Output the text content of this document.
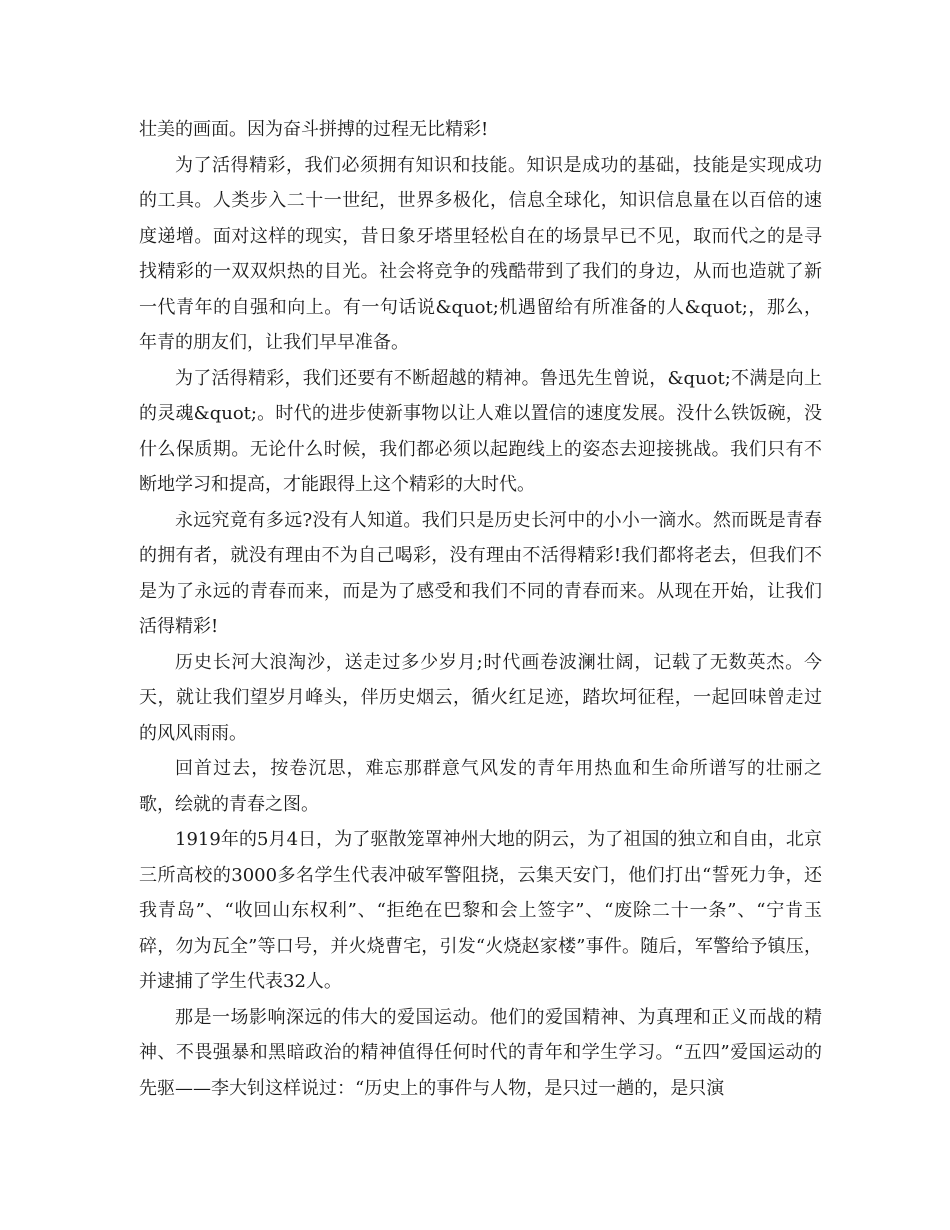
壮美的画面。因为奋斗拼搏的过程无比精彩!

为了活得精彩，我们必须拥有知识和技能。知识是成功的基础，技能是实现成功的工具。人类步入二十一世纪，世界多极化，信息全球化，知识信息量在以百倍的速度递增。面对这样的现实，昔日象牙塔里轻松自在的场景早已不见，取而代之的是寻找精彩的一双双炽热的目光。社会将竞争的残酷带到了我们的身边，从而也造就了新一代青年的自强和向上。有一句话说&quot;机遇留给有所准备的人&quot;，那么，年青的朋友们，让我们早早准备。

为了活得精彩，我们还要有不断超越的精神。鲁迅先生曾说，&quot;不满是向上的灵魂&quot;。时代的进步使新事物以让人难以置信的速度发展。没什么铁饭碗，没什么保质期。无论什么时候，我们都必须以起跑线上的姿态去迎接挑战。我们只有不断地学习和提高，才能跟得上这个精彩的大时代。

永远究竟有多远?没有人知道。我们只是历史长河中的小小一滴水。然而既是青春的拥有者，就没有理由不为自己喝彩，没有理由不活得精彩!我们都将老去，但我们不是为了永远的青春而来，而是为了感受和我们不同的青春而来。从现在开始，让我们活得精彩!

历史长河大浪淘沙，送走过多少岁月;时代画卷波澜壮阔，记载了无数英杰。今天，就让我们望岁月峰头，伴历史烟云，循火红足迹，踏坎坷征程，一起回味曾走过的风风雨雨。

回首过去，按卷沉思，难忘那群意气风发的青年用热血和生命所谱写的壮丽之歌，绘就的青春之图。

1919年的5月4日，为了驱散笼罩神州大地的阴云，为了祖国的独立和自由，北京三所高校的3000多名学生代表冲破军警阻挠，云集天安门，他们打出“誓死力争，还我青岛”、“收回山东权利”、“拒绝在巴黎和会上签字”、“废除二十一条”、“宁肯玉碎，勿为瓦全”等口号，并火烧曹宅，引发“火烧赵家楼”事件。随后，军警给予镇压，并逮捕了学生代表32人。

那是一场影响深远的伟大的爱国运动。他们的爱国精神、为真理和正义而战的精神、不畏强暴和黑暗政治的精神值得任何时代的青年和学生学习。“五四”爱国运动的先驱——李大钊这样说过：“历史上的事件与人物，是只过一趟的，是只演
